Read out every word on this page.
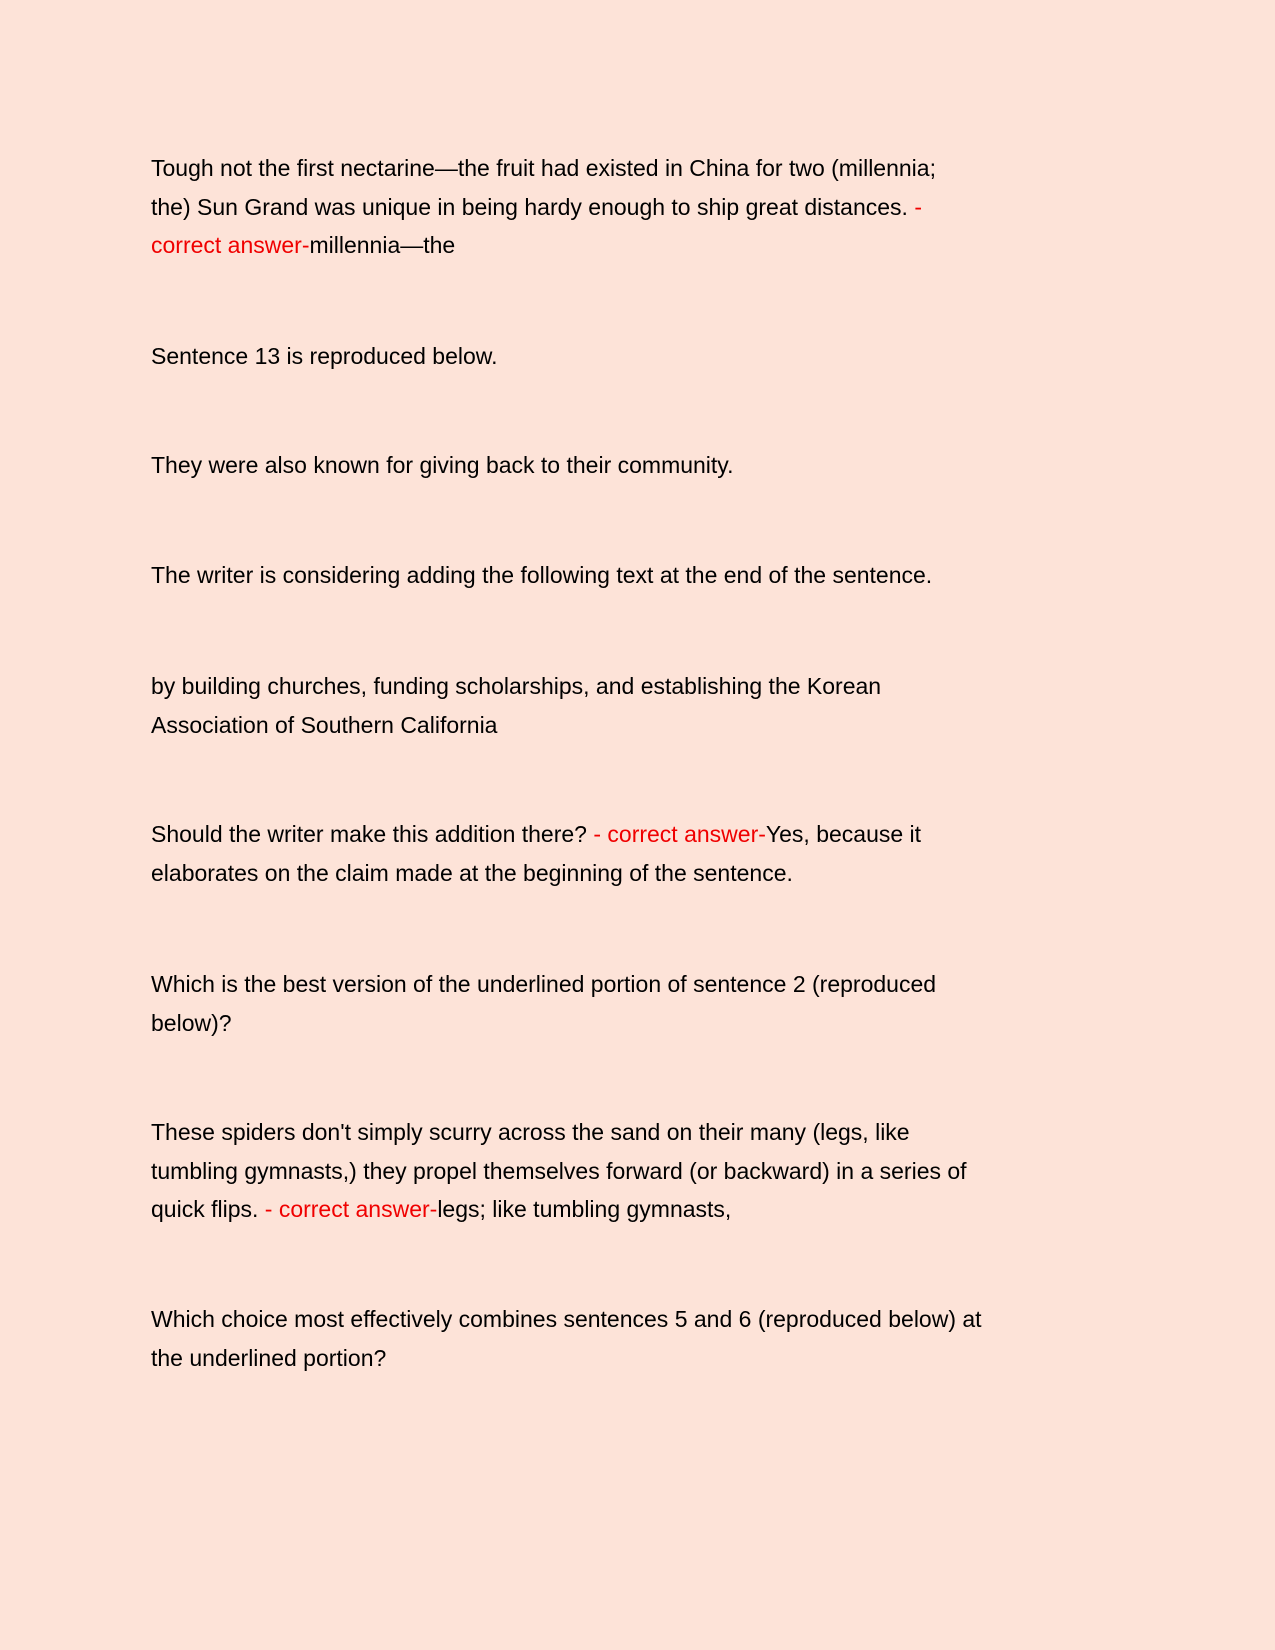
Tough not the first nectarine—the fruit had existed in China for two (millennia;
the) Sun Grand was unique in being hardy enough to ship great distances. -
correct answer-millennia—the
Sentence 13 is reproduced below.
They were also known for giving back to their community.
The writer is considering adding the following text at the end of the sentence.
by building churches, funding scholarships, and establishing the Korean
Association of Southern California
Should the writer make this addition there? - correct answer-Yes, because it
elaborates on the claim made at the beginning of the sentence.
Which is the best version of the underlined portion of sentence 2 (reproduced
below)?
These spiders don't simply scurry across the sand on their many (legs, like
tumbling gymnasts,) they propel themselves forward (or backward) in a series of
quick flips. - correct answer-legs; like tumbling gymnasts,
Which choice most effectively combines sentences 5 and 6 (reproduced below) at
the underlined portion?
